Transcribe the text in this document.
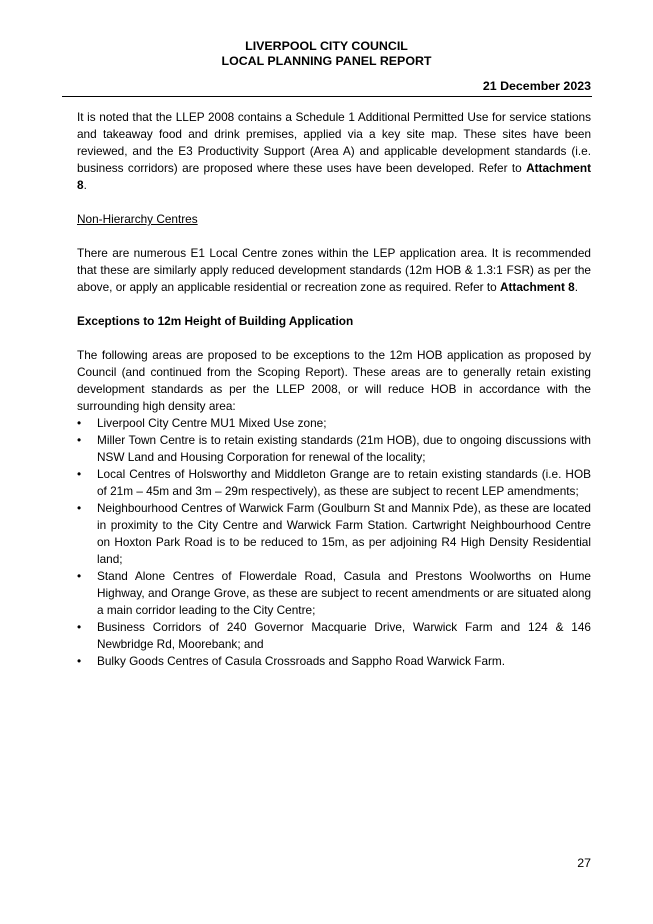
LIVERPOOL CITY COUNCIL
LOCAL PLANNING PANEL REPORT
21 December 2023

It is noted that the LLEP 2008 contains a Schedule 1 Additional Permitted Use for service stations and takeaway food and drink premises, applied via a key site map. These sites have been reviewed, and the E3 Productivity Support (Area A) and applicable development standards (i.e. business corridors) are proposed where these uses have been developed. Refer to Attachment 8.

Non-Hierarchy Centres

There are numerous E1 Local Centre zones within the LEP application area. It is recommended that these are similarly apply reduced development standards (12m HOB & 1.3:1 FSR) as per the above, or apply an applicable residential or recreation zone as required. Refer to Attachment 8.

Exceptions to 12m Height of Building Application

The following areas are proposed to be exceptions to the 12m HOB application as proposed by Council (and continued from the Scoping Report). These areas are to generally retain existing development standards as per the LLEP 2008, or will reduce HOB in accordance with the surrounding high density area:

• Liverpool City Centre MU1 Mixed Use zone;
• Miller Town Centre is to retain existing standards (21m HOB), due to ongoing discussions with NSW Land and Housing Corporation for renewal of the locality;
• Local Centres of Holsworthy and Middleton Grange are to retain existing standards (i.e. HOB of 21m – 45m and 3m – 29m respectively), as these are subject to recent LEP amendments;
• Neighbourhood Centres of Warwick Farm (Goulburn St and Mannix Pde), as these are located in proximity to the City Centre and Warwick Farm Station. Cartwright Neighbourhood Centre on Hoxton Park Road is to be reduced to 15m, as per adjoining R4 High Density Residential land;
• Stand Alone Centres of Flowerdale Road, Casula and Prestons Woolworths on Hume Highway, and Orange Grove, as these are subject to recent amendments or are situated along a main corridor leading to the City Centre;
• Business Corridors of 240 Governor Macquarie Drive, Warwick Farm and 124 & 146 Newbridge Rd, Moorebank; and
• Bulky Goods Centres of Casula Crossroads and Sappho Road Warwick Farm.
27
